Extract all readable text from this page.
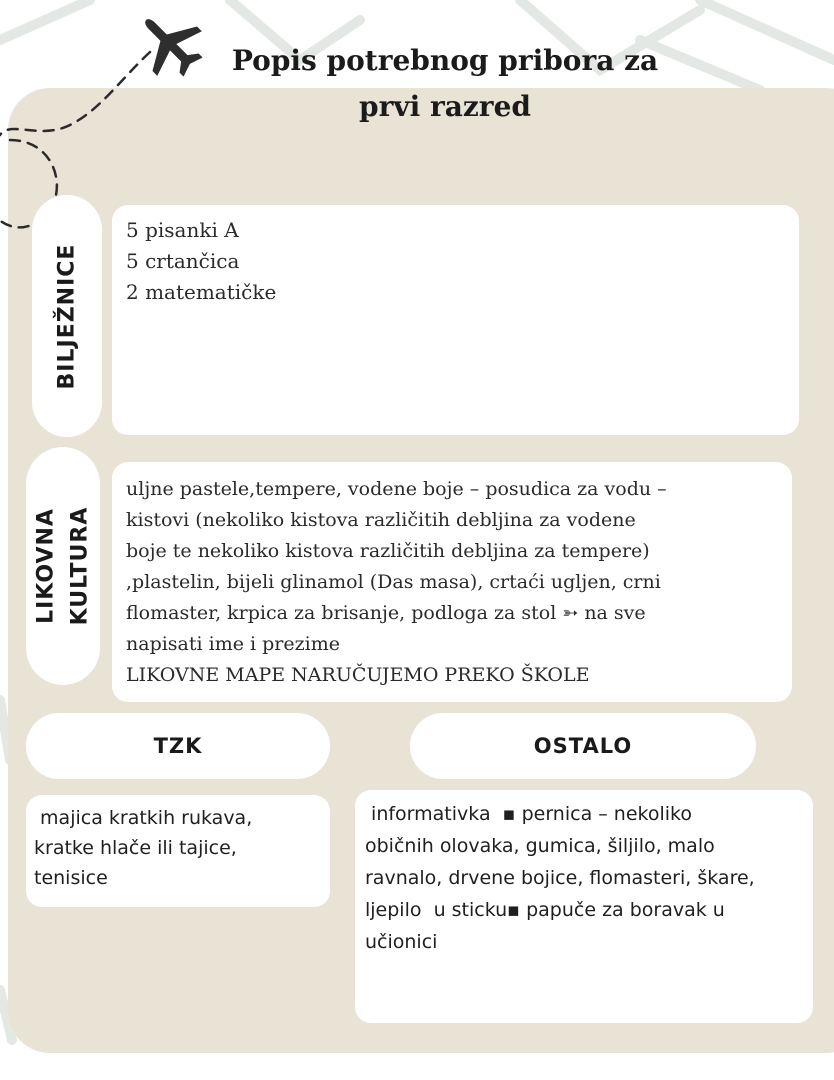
Popis potrebnog pribora za prvi razred
BILJEŽNICE
5 pisanki A
5 crtančica
2 matematičke
LIKOVNA KULTURA
uljne pastele,tempere, vodene boje – posudica za vodu –
kistovi (nekoliko kistova različitih debljina za vodene
boje te nekoliko kistova različitih debljina za tempere)
,plastelin, bijeli glinamol (Das masa), crtaći ugljen, crni
flomaster, krpica za brisanje, podloga za stol ➳ na sve
napisati ime i prezime
LIKOVNE MAPE NARUČUJEMO PREKO ŠKOLE
TZK
majica kratkih rukava,
kratke hlače ili tajice,
tenisice
OSTALO
informativka  ▪ pernica – nekoliko
običnih olovaka, gumica, šiljilo, malo
ravnalo, drvene bojice, flomasteri, škare,
ljepilo  u sticku▪ papuče za boravak u
učionici
